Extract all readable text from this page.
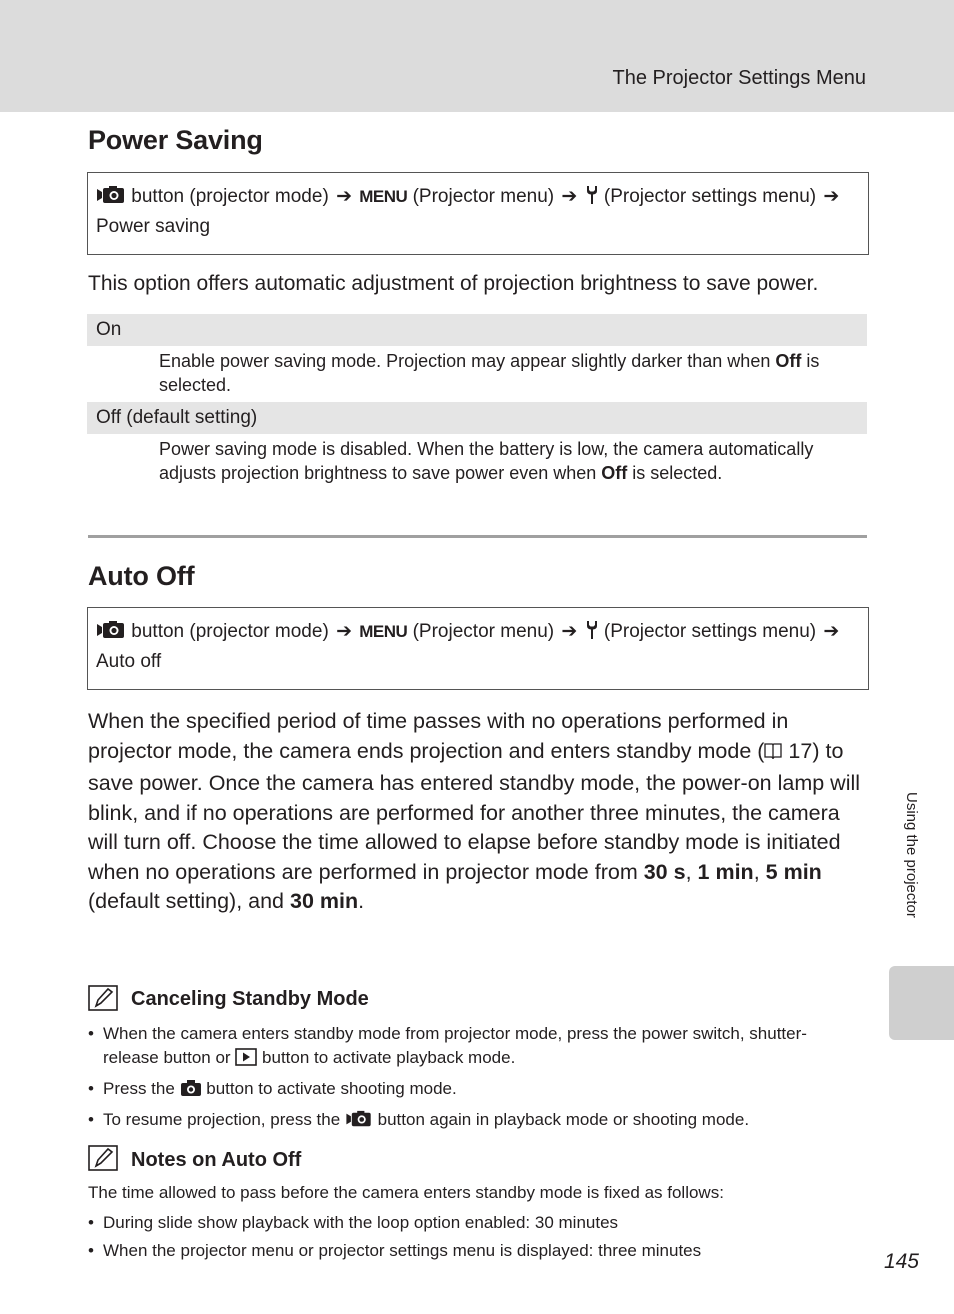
The Projector Settings Menu
Power Saving
button (projector mode) ➔ MENU (Projector menu) ➔ (Projector settings menu) ➔
Power saving
This option offers automatic adjustment of projection brightness to save power.
On
Enable power saving mode. Projection may appear slightly darker than when Off is selected.
Off (default setting)
Power saving mode is disabled. When the battery is low, the camera automatically adjusts projection brightness to save power even when Off is selected.
Auto Off
button (projector mode) ➔ MENU (Projector menu) ➔ (Projector settings menu) ➔
Auto off
When the specified period of time passes with no operations performed in projector mode, the camera ends projection and enters standby mode ( 17) to save power. Once the camera has entered standby mode, the power-on lamp will blink, and if no operations are performed for another three minutes, the camera will turn off. Choose the time allowed to elapse before standby mode is initiated when no operations are performed in projector mode from 30 s, 1 min, 5 min (default setting), and 30 min.
Canceling Standby Mode
• When the camera enters standby mode from projector mode, press the power switch, shutter-release button or  button to activate playback mode.
• Press the  button to activate shooting mode.
• To resume projection, press the  button again in playback mode or shooting mode.
Notes on Auto Off
The time allowed to pass before the camera enters standby mode is fixed as follows:
• During slide show playback with the loop option enabled: 30 minutes
• When the projector menu or projector settings menu is displayed: three minutes
Using the projector
145
